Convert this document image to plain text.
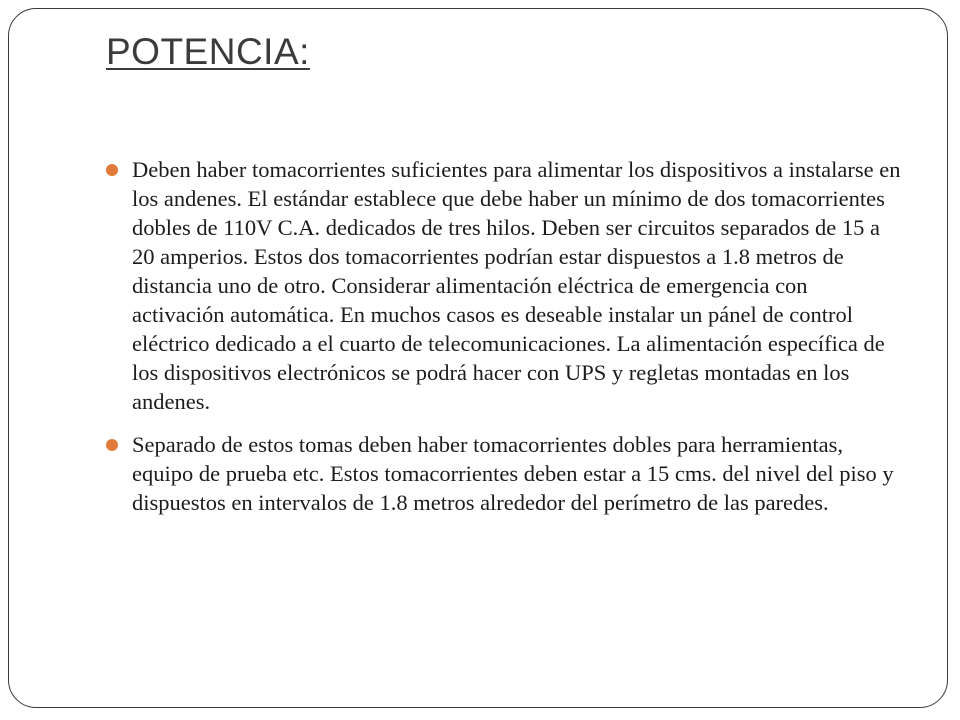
POTENCIA:
Deben haber tomacorrientes suficientes para alimentar los dispositivos a instalarse en los andenes. El estándar establece que debe haber un mínimo de dos tomacorrientes dobles de 110V C.A. dedicados de tres hilos. Deben ser circuitos separados de 15 a 20 amperios. Estos dos tomacorrientes podrían estar dispuestos a 1.8 metros de distancia uno de otro. Considerar alimentación eléctrica de emergencia con activación automática. En muchos casos es deseable instalar un pánel de control eléctrico dedicado a el cuarto de telecomunicaciones. La alimentación específica de los dispositivos electrónicos se podrá hacer con UPS y regletas montadas en los andenes.
Separado de estos tomas deben haber tomacorrientes dobles para herramientas, equipo de prueba etc. Estos tomacorrientes deben estar a 15 cms. del nivel del piso y dispuestos en intervalos de 1.8 metros alrededor del perímetro de las paredes.
